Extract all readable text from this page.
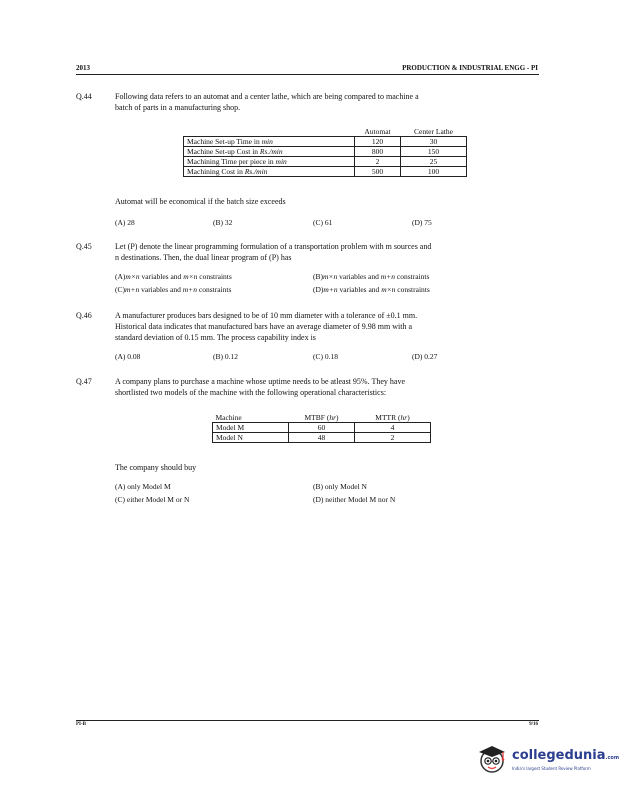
2013	PRODUCTION & INDUSTRIAL ENGG - PI
Q.44	Following data refers to an automat and a center lathe, which are being compared to machine a
batch of parts in a manufacturing shop.
	Automat	Center Lathe
Machine Set-up Time in min	120	30
Machine Set-up Cost in Rs./min	800	150
Machining Time per piece in min	2	25
Machining Cost in Rs./min	500	100
Automat will be economical if the batch size exceeds
(A) 28	(B) 32	(C) 61	(D) 75
Q.45	Let (P) denote the linear programming formulation of a transportation problem with m sources and
n destinations. Then, the dual linear program of (P) has
(A)m×n variables and m×n constraints	(B)m×n variables and m+n constraints
(C)m+n variables and m+n constraints	(D)m+n variables and m×n constraints
Q.46	A manufacturer produces bars designed to be of 10 mm diameter with a tolerance of ±0.1 mm.
Historical data indicates that manufactured bars have an average diameter of 9.98 mm with a
standard deviation of 0.15 mm. The process capability index is
(A) 0.08	(B) 0.12	(C) 0.18	(D) 0.27
Q.47	A company plans to purchase a machine whose uptime needs to be atleast 95%. They have
shortlisted two models of the machine with the following operational characteristics:
Machine	MTBF (hr)	MTTR (hr)
Model M	60	4
Model N	48	2
The company should buy
(A) only Model M	(B) only Model N
(C) either Model M or N	(D) neither Model M nor N
PI-B	9/16
collegedunia.com
India's largest Student Review Platform
